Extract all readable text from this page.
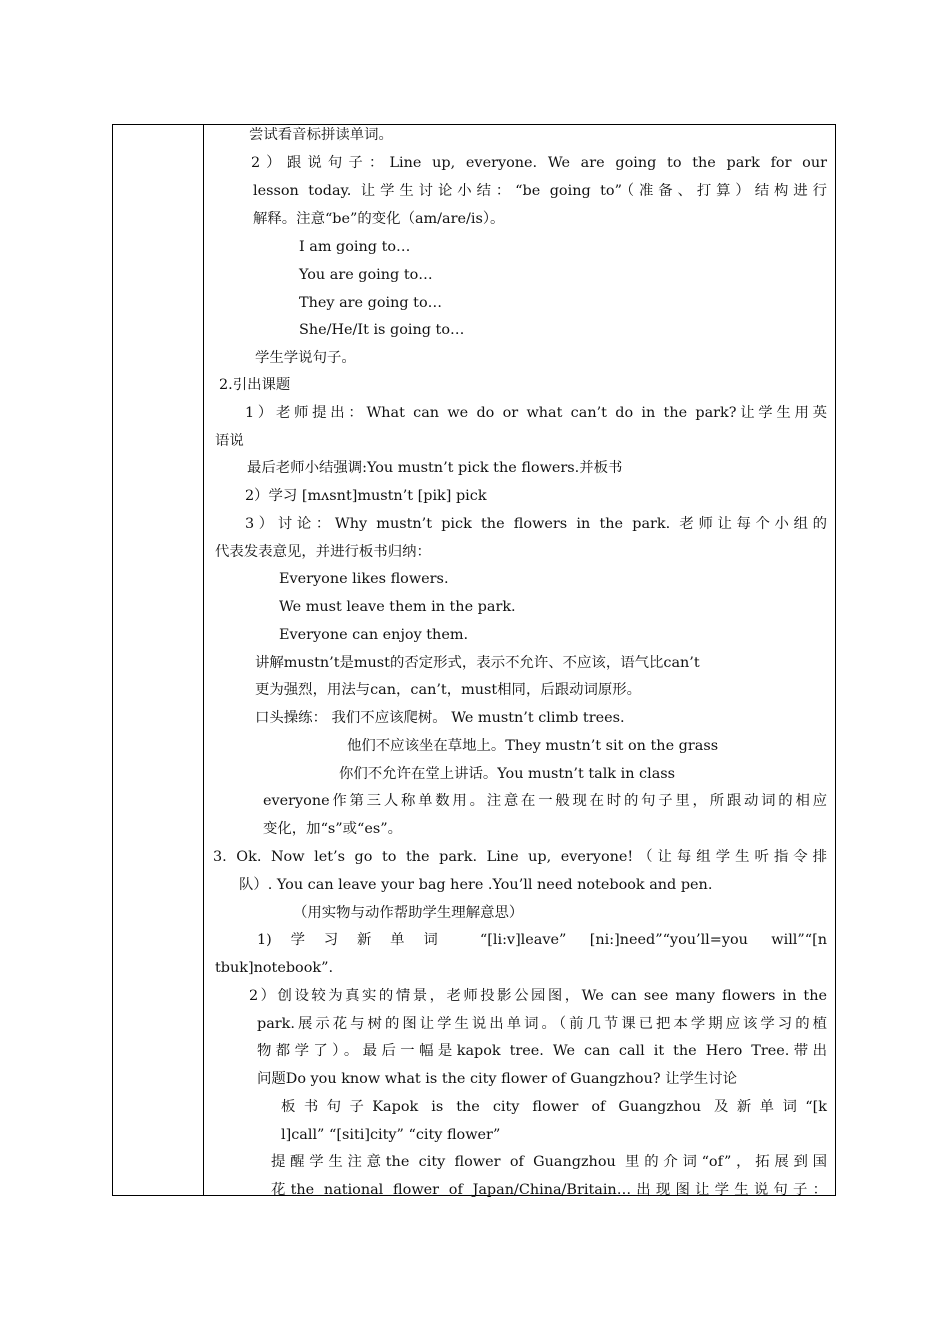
尝试看音标拼读单词。
2）跟说句子：Line up, everyone. We are going to the park for our
lesson today. 让学生讨论小结：“be going to”（准备、打算）结构进行
解释。注意“be”的变化（am/are/is）。
I am going to…
You are going to…
They are going to…
She/He/It is going to…
学生学说句子。
2.引出课题
1）老师提出：What can we do or what can’t do in the park?让学生用英
语说
最后老师小结强调:You mustn’t pick the flowers.并板书
2）学习 [mʌsnt]mustn’t [pik] pick
3）讨论：Why mustn’t pick the flowers in the park. 老师让每个小组的
代表发表意见，并进行板书归纳：
Everyone likes flowers.
We must leave them in the park.
Everyone can enjoy them.
讲解mustn’t是must的否定形式，表示不允许、不应该，语气比can’t
更为强烈，用法与can，can’t，must相同，后跟动词原形。
口头操练： 我们不应该爬树。 We mustn’t climb trees.
他们不应该坐在草地上。They mustn’t sit on the grass
你们不允许在堂上讲话。You mustn’t talk in class
everyone作第三人称单数用。注意在一般现在时的句子里，所跟动词的相应
变化，加“s”或“es”。
3. Ok. Now let’s go to the park. Line up, everyone!（让每组学生听指令排
队）. You can leave your bag here .You’ll need notebook and pen.
（用实物与动作帮助学生理解意思）
1)学习新单词 “[li:v]leave” [ni:]need”“you’ll=you will”“[n
tbuk]notebook”.
2）创设较为真实的情景，老师投影公园图，We can see many flowers in the
park.展示花与树的图让学生说出单词。（前几节课已把本学期应该学习的植
物都学了）。最后一幅是kapok tree. We can call it the Hero Tree.带出
问题Do you know what is the city flower of Guangzhou? 让学生讨论
板书句子Kapok is the city flower of Guangzhou 及新单词“[k
l]call” “[siti]city” “city flower”
提醒学生注意the city flower of Guangzhou 里的介词“of”，拓展到国
花the national flower of Japan/China/Britain…出现图让学生说句子：
